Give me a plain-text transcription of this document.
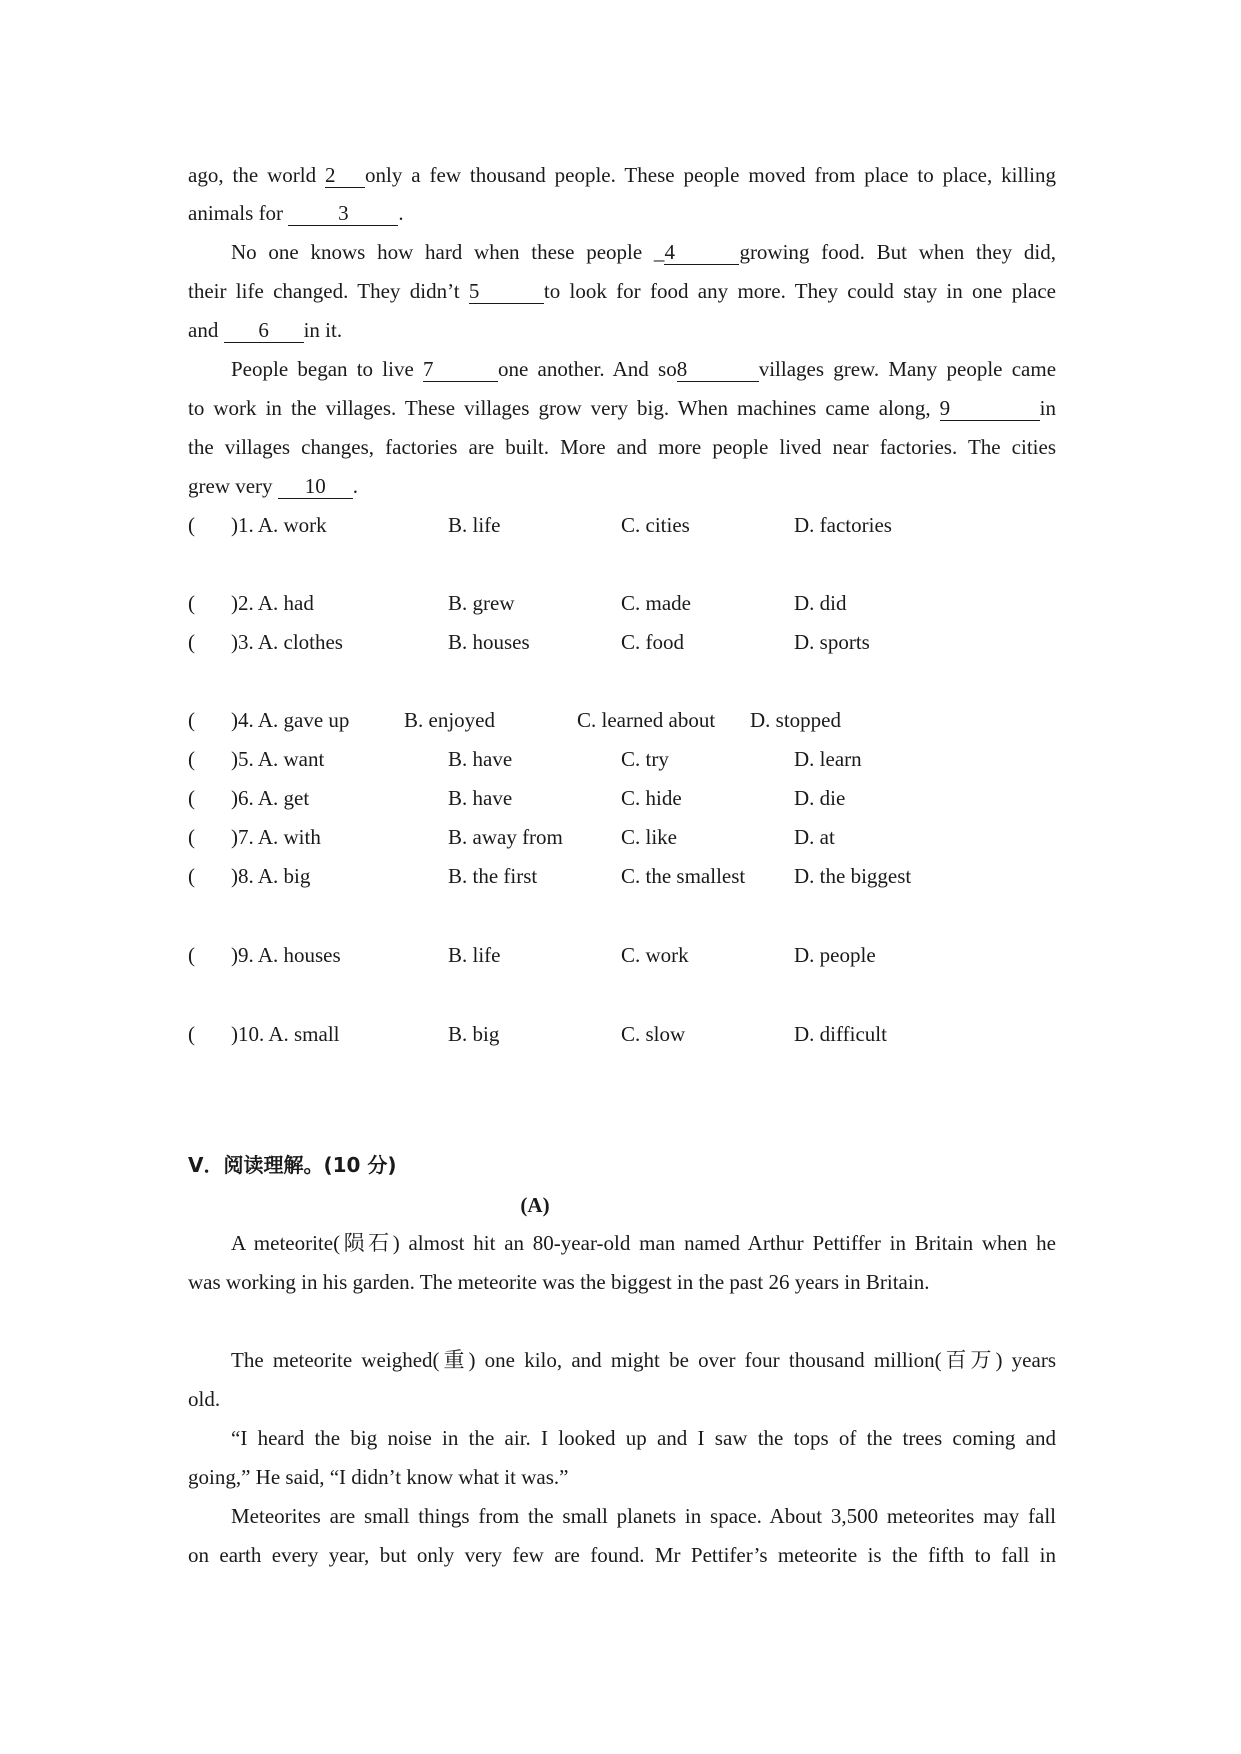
ago, the world 2 only a few thousand people. These people moved from place to place, killing
animals for 3 .
No one knows how hard when these people _4	growing food. But when they did,
their life changed. They didn’t 5	to look for food any more. They could stay in one place
and 6 in it.
People began to live 7	one another. And so8	villages grew. Many people came
to work in the villages. These villages grow very big. When machines came along, 9	in
the villages changes, factories are built. More and more people lived near factories. The cities
grew very 10 .
( )1. A. work	B. life	C. cities	D. factories
( )2. A. had	B. grew	C. made	D. did
( )3. A. clothes	B. houses	C. food	D. sports
( )4. A. gave up	B. enjoyed	C. learned about D. stopped
( )5. A. want	B. have	C. try	D. learn
( )6. A. get	B. have	C. hide	D. die
( )7. A. with	B. away from	C. like	D. at
( )8. A. big	B. the first	C. the smallest D. the biggest
( )9. A. houses	B. life	C. work	D. people
( )10. A. small	B. big	C. slow	D. difficult
V．阅读理解。(10 分)
(A)
A meteorite(陨石) almost hit an 80-year-old man named Arthur Pettiffer in Britain when he
was working in his garden. The meteorite was the biggest in the past 26 years in Britain.
The meteorite weighed(重) one kilo, and might be over four thousand million(百万) years
old.
“I heard the big noise in the air. I looked up and I saw the tops of the trees coming and
going,” He said, “I didn’t know what it was.”
Meteorites are small things from the small planets in space. About 3,500 meteorites may fall
on earth every year, but only very few are found. Mr Pettifer’s meteorite is the fifth to fall in
